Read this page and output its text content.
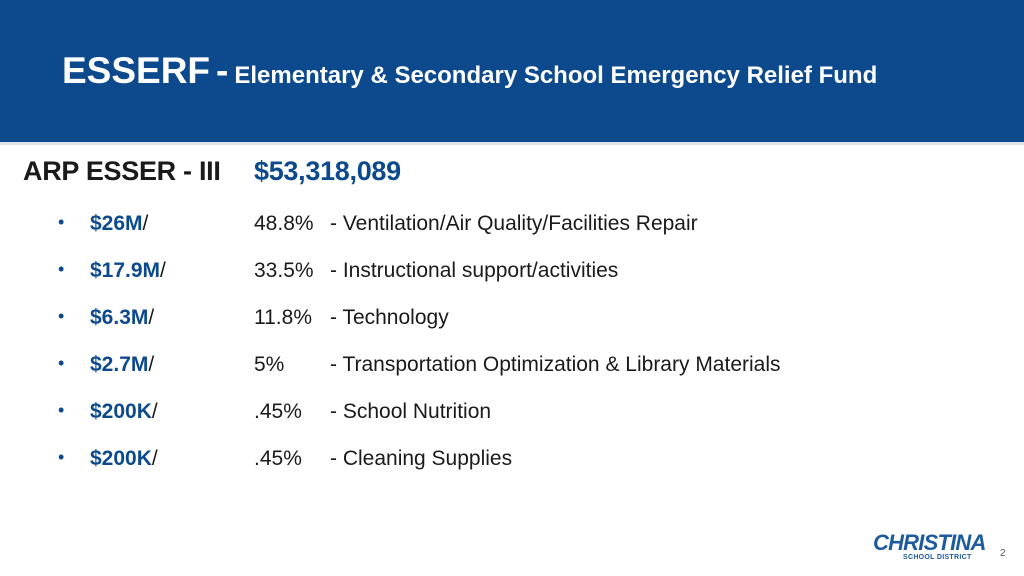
ESSERF - Elementary & Secondary School Emergency Relief Fund
ARP ESSER - III $53,318,089
• $26M/	48.8% - Ventilation/Air Quality/Facilities Repair
• $17.9M/	33.5% - Instructional support/activities
• $6.3M/	11.8% - Technology
• $2.7M/	5% - Transportation Optimization & Library Materials
• $200K/	.45% - School Nutrition
• $200K/	.45% - Cleaning Supplies
CHRISTINA
SCHOOL DISTRICT	2
